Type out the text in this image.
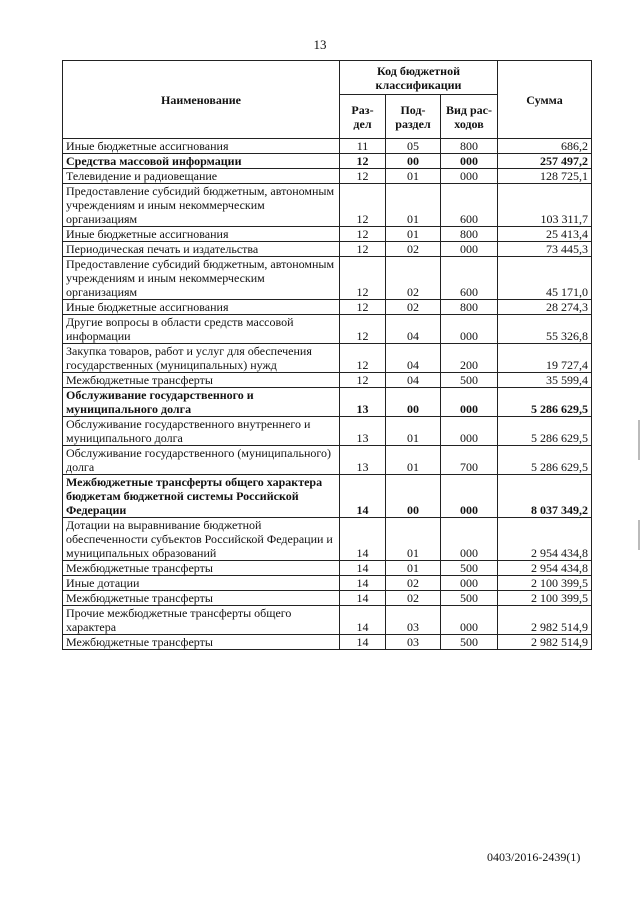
13
Наименование	Код бюджетной классификации			Сумма
	Раз-дел	Под-раздел	Вид рас-ходов	
Иные бюджетные ассигнования	11	05	800	686,2
Средства массовой информации	12	00	000	257 497,2
Телевидение и радиовещание	12	01	000	128 725,1
Предоставление субсидий бюджетным, автономным учреждениям и иным некоммерческим организациям	12	01	600	103 311,7
Иные бюджетные ассигнования	12	01	800	25 413,4
Периодическая печать и издательства	12	02	000	73 445,3
Предоставление субсидий бюджетным, автономным учреждениям и иным некоммерческим организациям	12	02	600	45 171,0
Иные бюджетные ассигнования	12	02	800	28 274,3
Другие вопросы в области средств массовой информации	12	04	000	55 326,8
Закупка товаров, работ и услуг для обеспечения государственных (муниципальных) нужд	12	04	200	19 727,4
Межбюджетные трансферты	12	04	500	35 599,4
Обслуживание государственного и муниципального долга	13	00	000	5 286 629,5
Обслуживание государственного внутреннего и муниципального долга	13	01	000	5 286 629,5
Обслуживание государственного (муниципального) долга	13	01	700	5 286 629,5
Межбюджетные трансферты общего характера бюджетам бюджетной системы Российской Федерации	14	00	000	8 037 349,2
Дотации на выравнивание бюджетной обеспеченности субъектов Российской Федерации и муниципальных образований	14	01	000	2 954 434,8
Межбюджетные трансферты	14	01	500	2 954 434,8
Иные дотации	14	02	000	2 100 399,5
Межбюджетные трансферты	14	02	500	2 100 399,5
Прочие межбюджетные трансферты общего характера	14	03	000	2 982 514,9
Межбюджетные трансферты	14	03	500	2 982 514,9
0403/2016-2439(1)
